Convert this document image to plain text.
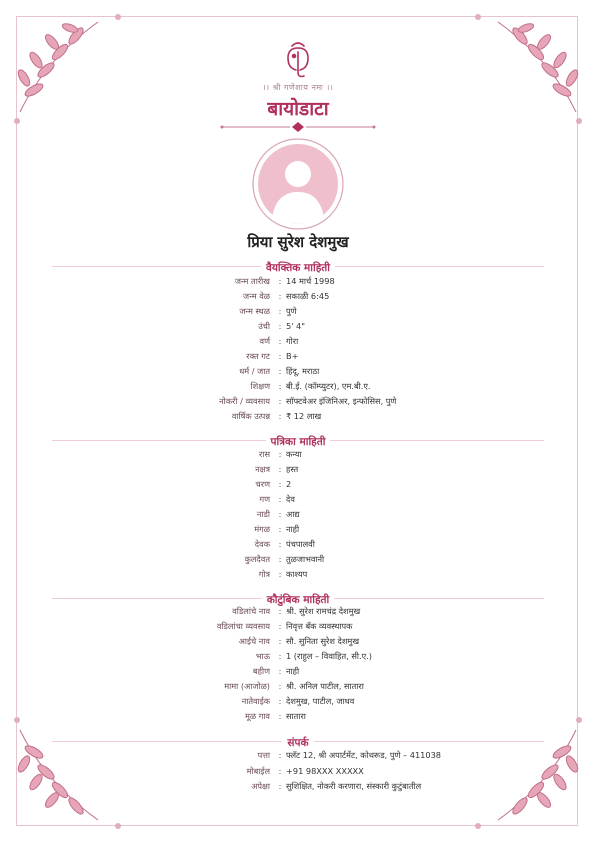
।। श्री गणेशाय नमः ।।
बायोडाटा
प्रिया सुरेश देशमुख
वैयक्तिक माहिती
जन्म तारीख	: 14 मार्च 1998
जन्म वेळ	: सकाळी 6:45
जन्म स्थळ	: पुणे
उंची	: 5' 4"
वर्ण	: गोरा
रक्त गट	: B+
धर्म / जात	: हिंदू, मराठा
शिक्षण	: बी.ई. (कॉम्प्युटर), एम.बी.ए.
नोकरी / व्यवसाय	: सॉफ्टवेअर इंजिनिअर, इन्फोसिस, पुणे
वार्षिक उत्पन्न	: ₹ 12 लाख
पत्रिका माहिती
रास	: कन्या
नक्षत्र	: हस्त
चरण	: 2
गण	: देव
नाडी	: आद्य
मंगळ	: नाही
देवक	: पंचपालवी
कुलदैवत	: तुळजाभवानी
गोत्र	: काश्यप
कौटुंबिक माहिती
वडिलांचे नाव	: श्री. सुरेश रामचंद्र देशमुख
वडिलांचा व्यवसाय	: निवृत्त बँक व्यवस्थापक
आईचे नाव	: सौ. सुनिता सुरेश देशमुख
भाऊ	: 1 (राहुल – विवाहित, सी.ए.)
बहीण	: नाही
मामा (आजोळ)	: श्री. अनिल पाटील, सातारा
नातेवाईक	: देशमुख, पाटील, जाधव
मूळ गाव	: सातारा
संपर्क
पत्ता	: फ्लॅट 12, श्री अपार्टमेंट, कोथरूड, पुणे – 411038
मोबाईल	: +91 98XXX XXXXX
अपेक्षा	: सुशिक्षित, नोकरी करणारा, संस्कारी कुटुंबातील
